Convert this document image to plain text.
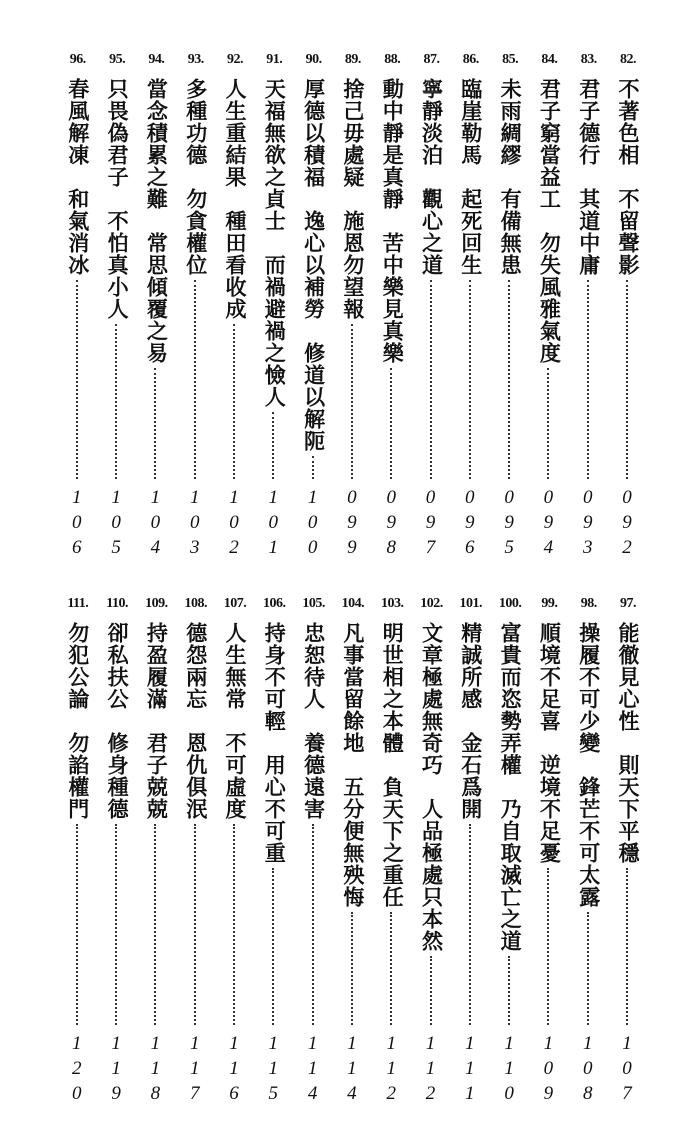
82.
不著色相　不留聲影
0
9
2
83.
君子德行　其道中庸
0
9
3
84.
君子窮當益工　勿失風雅氣度
0
9
4
85.
未雨綢繆　有備無患
0
9
5
86.
臨崖勒馬　起死回生
0
9
6
87.
寧靜淡泊　觀心之道
0
9
7
88.
動中靜是真靜　苦中樂見真樂
0
9
8
89.
捨己毋處疑　施恩勿望報
0
9
9
90.
厚德以積福　逸心以補勞　修道以解阨
1
0
0
91.
天福無欲之貞士　而禍避禍之憸人
1
0
1
92.
人生重結果　種田看收成
1
0
2
93.
多種功德　勿貪權位
1
0
3
94.
當念積累之難　常思傾覆之易
1
0
4
95.
只畏偽君子　不怕真小人
1
0
5
96.
春風解凍　和氣消冰
1
0
6
97.
能徹見心性　則天下平穩
1
0
7
98.
操履不可少變　鋒芒不可太露
1
0
8
99.
順境不足喜　逆境不足憂
1
0
9
100.
富貴而恣勢弄權　乃自取滅亡之道
1
1
0
101.
精誠所感　金石爲開
1
1
1
102.
文章極處無奇巧　人品極處只本然
1
1
2
103.
明世相之本體　負天下之重任
1
1
2
104.
凡事當留餘地　五分便無殃悔
1
1
4
105.
忠恕待人　養德遠害
1
1
4
106.
持身不可輕　用心不可重
1
1
5
107.
人生無常　不可虛度
1
1
6
108.
德怨兩忘　恩仇俱泯
1
1
7
109.
持盈履滿　君子兢兢
1
1
8
110.
卻私扶公　修身種德
1
1
9
111.
勿犯公論　勿諂權門
1
2
0
